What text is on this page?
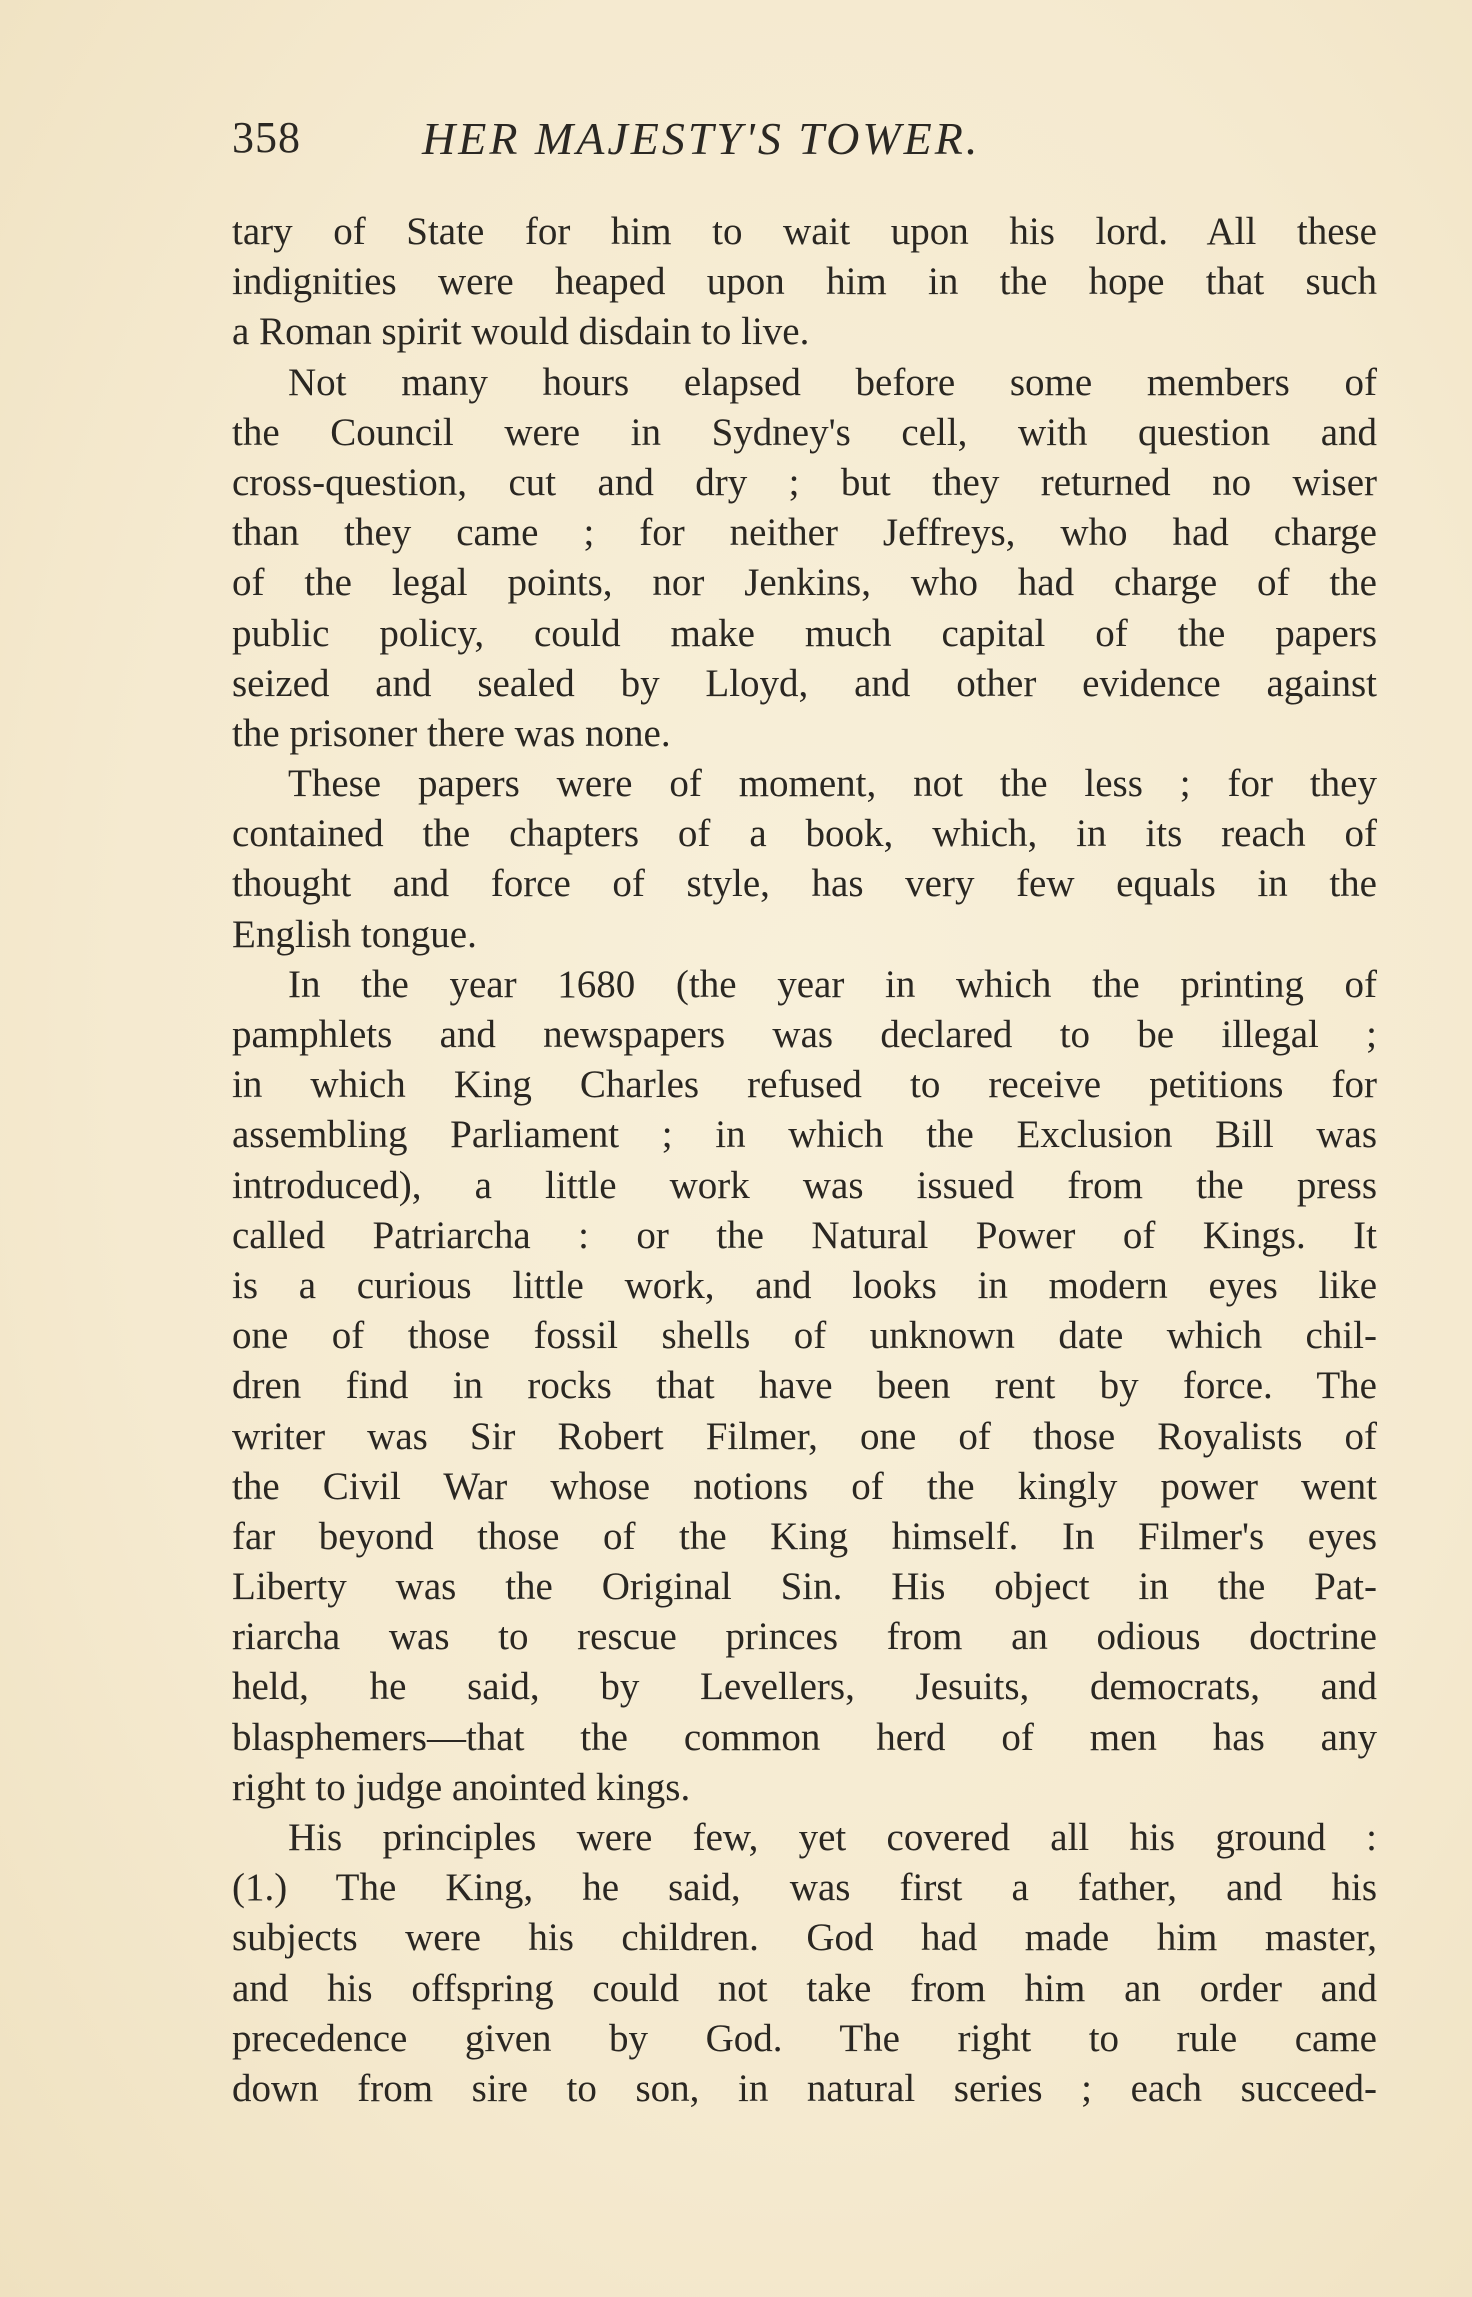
358	HER MAJESTY'S TOWER.
tary of State for him to wait upon his lord. All these
indignities were heaped upon him in the hope that such
a Roman spirit would disdain to live.
Not many hours elapsed before some members of
the Council were in Sydney's cell, with question and
cross-question, cut and dry ; but they returned no wiser
than they came ; for neither Jeffreys, who had charge
of the legal points, nor Jenkins, who had charge of the
public policy, could make much capital of the papers
seized and sealed by Lloyd, and other evidence against
the prisoner there was none.
These papers were of moment, not the less ; for they
contained the chapters of a book, which, in its reach of
thought and force of style, has very few equals in the
English tongue.
In the year 1680 (the year in which the printing of
pamphlets and newspapers was declared to be illegal ;
in which King Charles refused to receive petitions for
assembling Parliament ; in which the Exclusion Bill was
introduced), a little work was issued from the press
called Patriarcha : or the Natural Power of Kings. It
is a curious little work, and looks in modern eyes like
one of those fossil shells of unknown date which chil-
dren find in rocks that have been rent by force. The
writer was Sir Robert Filmer, one of those Royalists of
the Civil War whose notions of the kingly power went
far beyond those of the King himself. In Filmer's eyes
Liberty was the Original Sin. His object in the Pat-
riarcha was to rescue princes from an odious doctrine
held, he said, by Levellers, Jesuits, democrats, and
blasphemers—that the common herd of men has any
right to judge anointed kings.
His principles were few, yet covered all his ground :
(1.) The King, he said, was first a father, and his
subjects were his children. God had made him master,
and his offspring could not take from him an order and
precedence given by God. The right to rule came
down from sire to son, in natural series ; each succeed-
